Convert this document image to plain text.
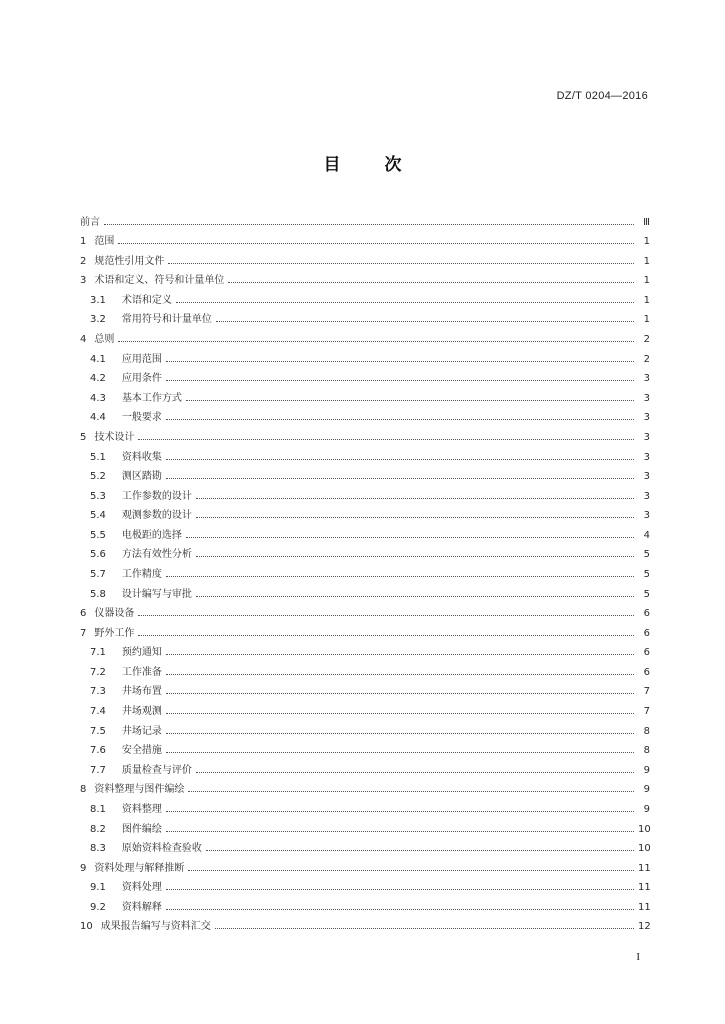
DZ/T 0204—2016
目次
前言	Ⅲ
1 范围	1
2 规范性引用文件	1
3 术语和定义、符号和计量单位	1
3.1	术语和定义	1
3.2	常用符号和计量单位	1
4 总则	2
4.1	应用范围	2
4.2	应用条件	3
4.3	基本工作方式	3
4.4	一般要求	3
5 技术设计	3
5.1	资料收集	3
5.2	测区踏勘	3
5.3	工作参数的设计	3
5.4	观测参数的设计	3
5.5	电极距的选择	4
5.6	方法有效性分析	5
5.7	工作精度	5
5.8	设计编写与审批	5
6 仪器设备	6
7 野外工作	6
7.1	预约通知	6
7.2	工作准备	6
7.3	井场布置	7
7.4	井场观测	7
7.5	井场记录	8
7.6	安全措施	8
7.7	质量检查与评价	9
8 资料整理与图件编绘	9
8.1	资料整理	9
8.2	图件编绘	10
8.3	原始资料检查验收	10
9 资料处理与解释推断	11
9.1	资料处理	11
9.2	资料解释	11
10 成果报告编写与资料汇交	12
I
